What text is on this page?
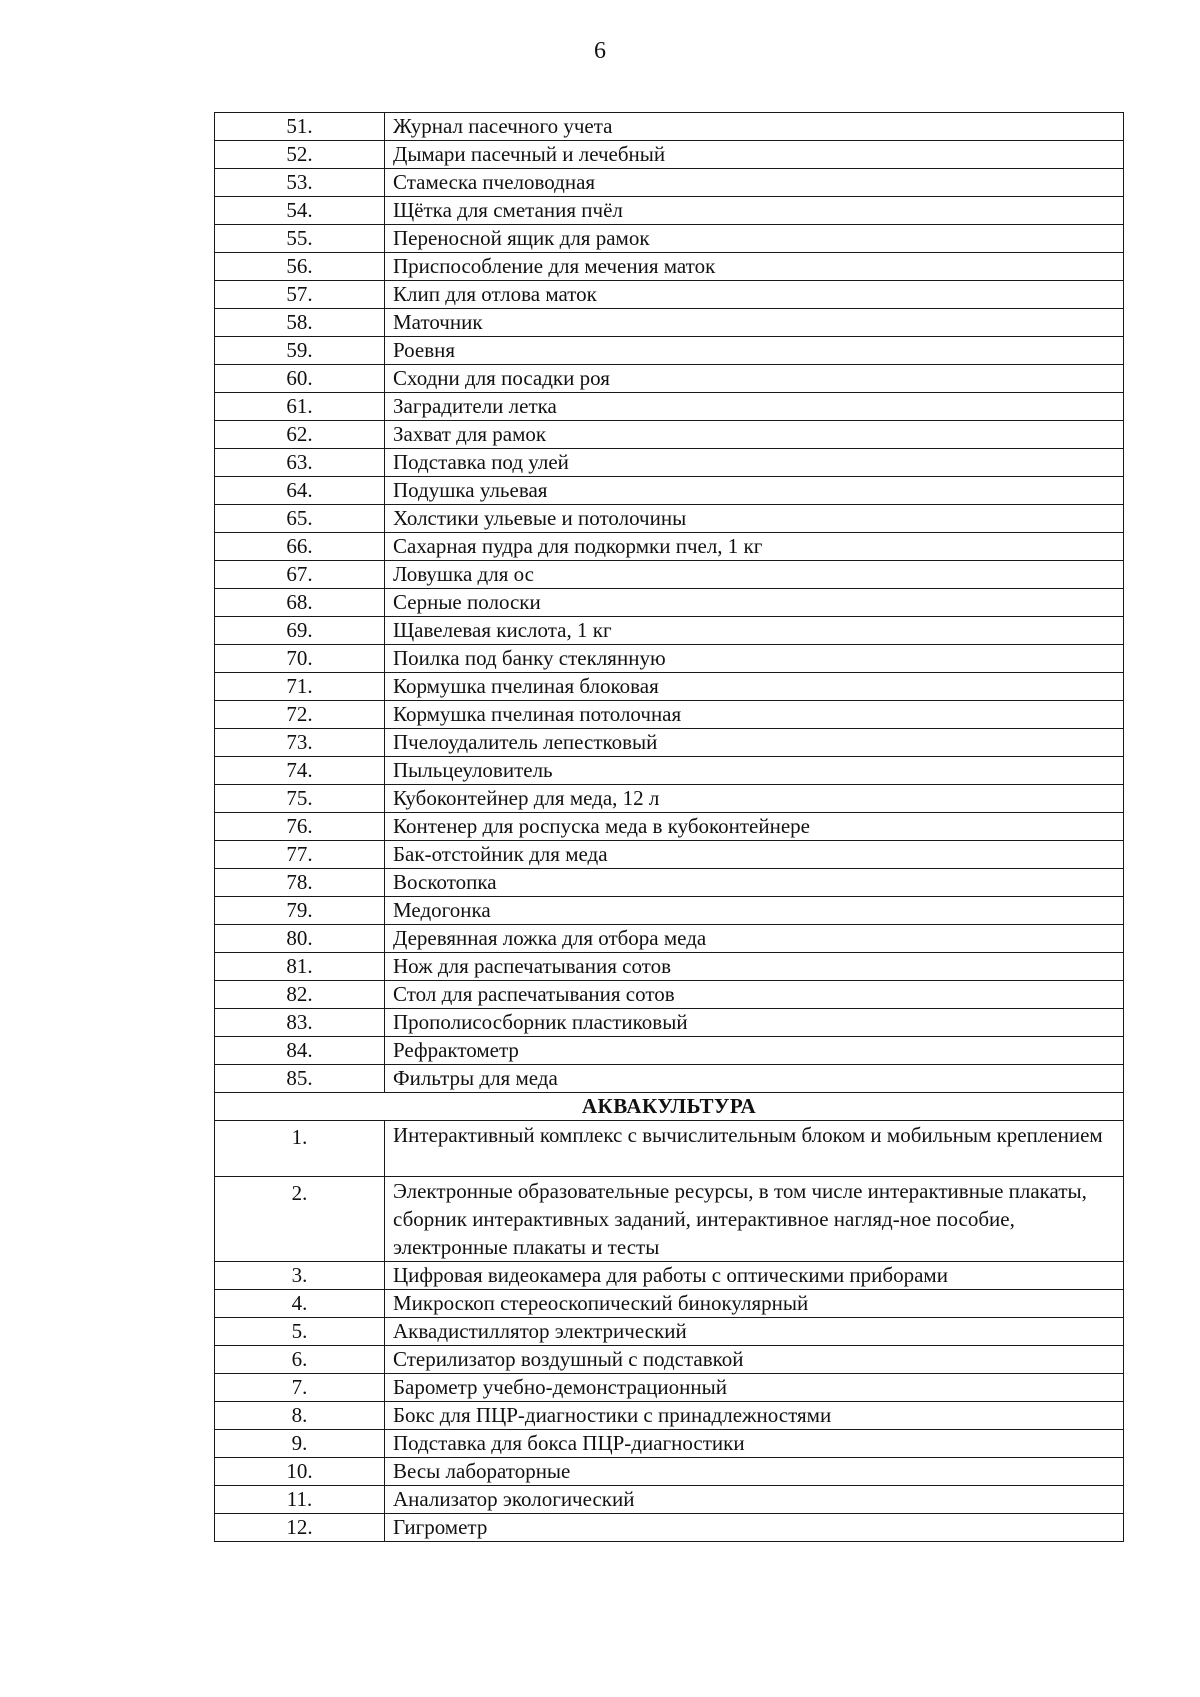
6
51.	Журнал пасечного учета
52.	Дымари пасечный и лечебный
53.	Стамеска пчеловодная
54.	Щётка для сметания пчёл
55.	Переносной ящик для рамок
56.	Приспособление для мечения маток
57.	Клип для отлова маток
58.	Маточник
59.	Роевня
60.	Сходни для посадки роя
61.	Заградители летка
62.	Захват для рамок
63.	Подставка под улей
64.	Подушка ульевая
65.	Холстики ульевые и потолочины
66.	Сахарная пудра для подкормки пчел, 1 кг
67.	Ловушка для ос
68.	Серные полоски
69.	Щавелевая кислота, 1 кг
70.	Поилка под банку стеклянную
71.	Кормушка пчелиная блоковая
72.	Кормушка пчелиная потолочная
73.	Пчелоудалитель лепестковый
74.	Пыльцеуловитель
75.	Кубоконтейнер для меда, 12 л
76.	Контенер для роспуска меда в кубоконтейнере
77.	Бак-отстойник для меда
78.	Воскотопка
79.	Медогонка
80.	Деревянная ложка для отбора меда
81.	Нож для распечатывания сотов
82.	Стол для распечатывания сотов
83.	Прополисосборник пластиковый
84.	Рефрактометр
85.	Фильтры для меда
АКВАКУЛЬТУРА	
1.	Интерактивный комплекс с вычислительным блоком и мобильным креплением
2.	Электронные образовательные ресурсы, в том числе интерактивные плакаты, сборник интерактивных заданий, интерактивное нагляд-ное пособие, электронные плакаты и тесты
3.	Цифровая видеокамера для работы с оптическими приборами
4.	Микроскоп стереоскопический бинокулярный
5.	Аквадистиллятор электрический
6.	Стерилизатор воздушный с подставкой
7.	Барометр учебно-демонстрационный
8.	Бокс для ПЦР-диагностики с принадлежностями
9.	Подставка для бокса ПЦР-диагностики
10.	Весы лабораторные
11.	Анализатор экологический
12.	Гигрометр
